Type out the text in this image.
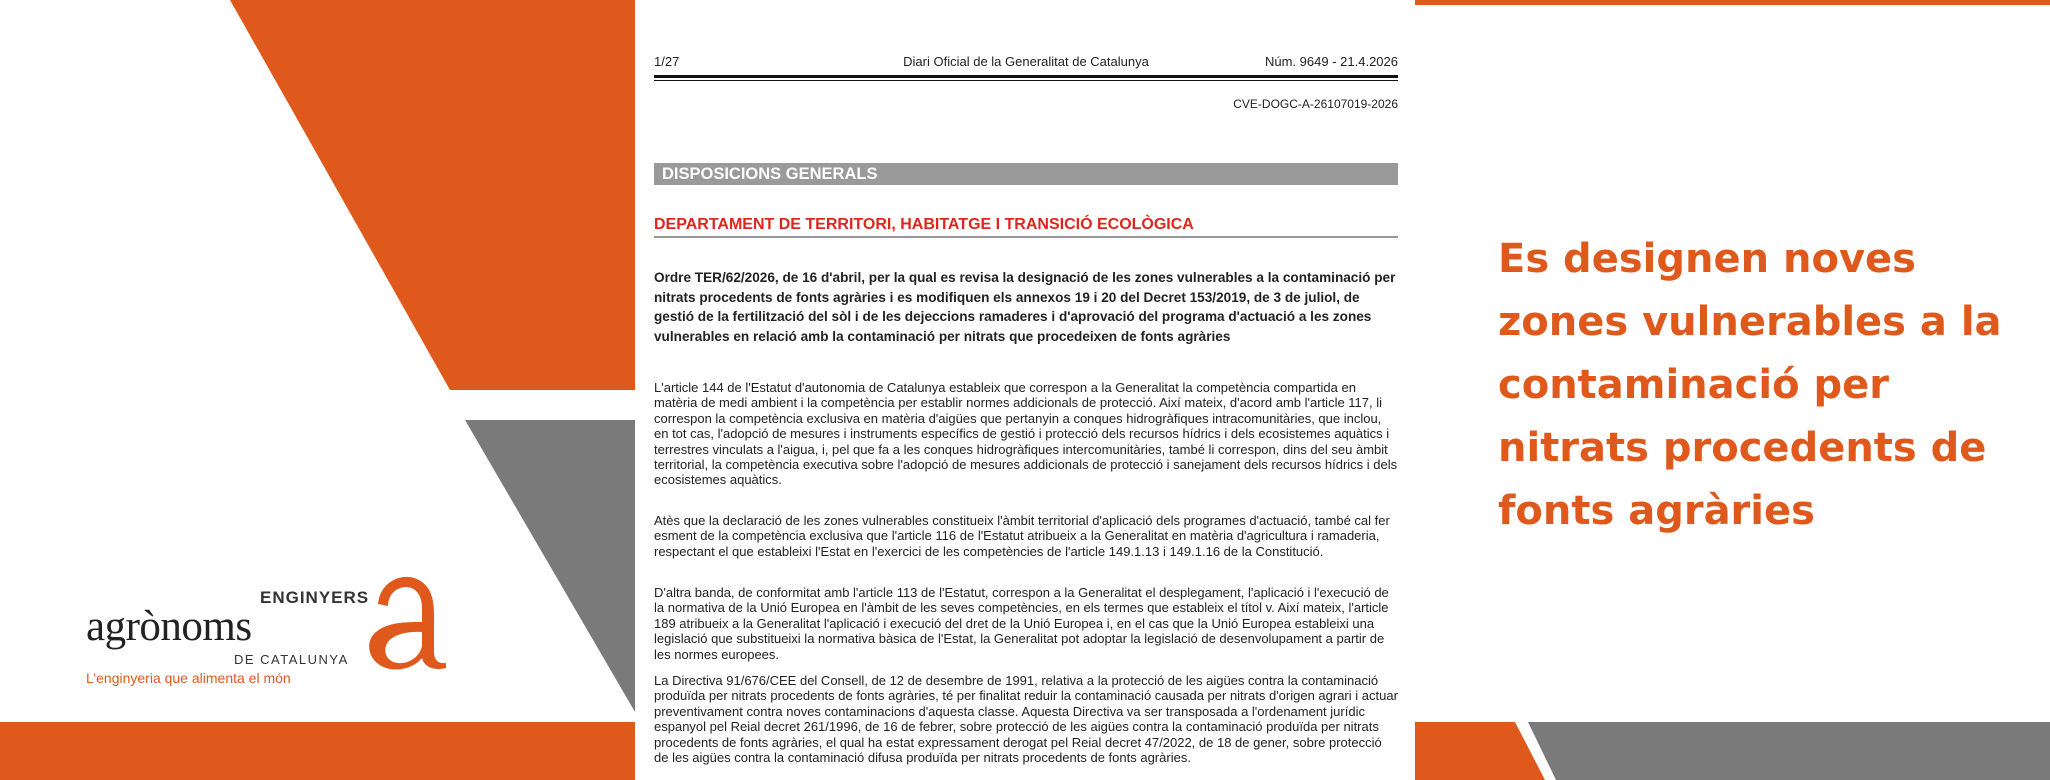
ENGINYERS
agrònoms
DE CATALUNYA
L’enginyeria que alimenta el món
Diari Oficial de la Generalitat de Catalunya
1/27	Núm. 9649 - 21.4.2026
CVE-DOGC-A-26107019-2026
DISPOSICIONS GENERALS
DEPARTAMENT DE TERRITORI, HABITATGE I TRANSICIÓ ECOLÒGICA
Ordre TER/62/2026, de 16 d'abril, per la qual es revisa la designació de les zones vulnerables a la contaminació per nitrats procedents de fonts agràries i es modifiquen els annexos 19 i 20 del Decret 153/2019, de 3 de juliol, de gestió de la fertilització del sòl i de les dejeccions ramaderes i d'aprovació del programa d'actuació a les zones vulnerables en relació amb la contaminació per nitrats que procedeixen de fonts agràries
L'article 144 de l'Estatut d'autonomia de Catalunya estableix que correspon a la Generalitat la competència compartida en matèria de medi ambient i la competència per establir normes addicionals de protecció. Així mateix, d'acord amb l'article 117, li correspon la competència exclusiva en matèria d'aigües que pertanyin a conques hidrogràfiques intracomunitàries, que inclou, en tot cas, l'adopció de mesures i instruments específics de gestió i protecció dels recursos hídrics i dels ecosistemes aquàtics i terrestres vinculats a l'aigua, i, pel que fa a les conques hidrogràfiques intercomunitàries, també li correspon, dins del seu àmbit territorial, la competència executiva sobre l'adopció de mesures addicionals de protecció i sanejament dels recursos hídrics i dels ecosistemes aquàtics.
Atès que la declaració de les zones vulnerables constitueix l'àmbit territorial d'aplicació dels programes d'actuació, també cal fer esment de la competència exclusiva que l'article 116 de l'Estatut atribueix a la Generalitat en matèria d'agricultura i ramaderia, respectant el que estableixi l'Estat en l'exercici de les competències de l'article 149.1.13 i 149.1.16 de la Constitució.
D'altra banda, de conformitat amb l'article 113 de l'Estatut, correspon a la Generalitat el desplegament, l'aplicació i l'execució de la normativa de la Unió Europea en l'àmbit de les seves competències, en els termes que estableix el títol v. Així mateix, l'article 189 atribueix a la Generalitat l'aplicació i execució del dret de la Unió Europea i, en el cas que la Unió Europea estableixi una legislació que substitueixi la normativa bàsica de l'Estat, la Generalitat pot adoptar la legislació de desenvolupament a partir de les normes europees.
La Directiva 91/676/CEE del Consell, de 12 de desembre de 1991, relativa a la protecció de les aigües contra la contaminació produïda per nitrats procedents de fonts agràries, té per finalitat reduir la contaminació causada per nitrats d'origen agrari i actuar preventivament contra noves contaminacions d'aquesta classe. Aquesta Directiva va ser transposada a l'ordenament jurídic espanyol pel Reial decret 261/1996, de 16 de febrer, sobre protecció de les aigües contra la contaminació produïda per nitrats procedents de fonts agràries, el qual ha estat expressament derogat pel Reial decret 47/2022, de 18 de gener, sobre protecció de les aigües contra la contaminació difusa produïda per nitrats procedents de fonts agràries.
Es designen noves zones vulnerables a la contaminació per nitrats procedents de fonts agràries
